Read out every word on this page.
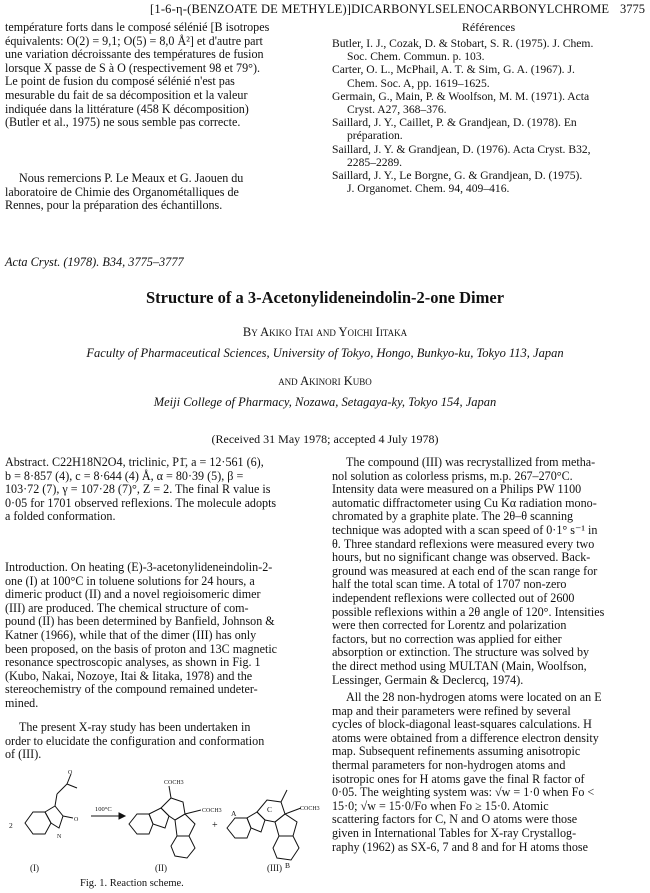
[1-6-η-(BENZOATE DE METHYLE)]DICARBONYLSELENOCARBONYLCHROME 3775
température forts dans le composé sélénié [B isotropes
équivalents: O(2) = 9,1; O(5) = 8,0 Å²] et d'autre part
une variation décroissante des températures de fusion
lorsque X passe de S à O (respectivement 98 et 79°).
Le point de fusion du composé sélénié n'est pas
mesurable du fait de sa décomposition et la valeur
indiquée dans la littérature (458 K décomposition)
(Butler et al., 1975) ne sous semble pas correcte.
Nous remercions P. Le Meaux et G. Jaouen du
laboratoire de Chimie des Organométalliques de
Rennes, pour la préparation des échantillons.
Références
Butler, I. J., Cozak, D. & Stobart, S. R. (1975). J. Chem.
Soc. Chem. Commun. p. 103.
Carter, O. L., McPhail, A. T. & Sim, G. A. (1967). J.
Chem. Soc. A, pp. 1619–1625.
Germain, G., Main, P. & Woolfson, M. M. (1971). Acta
Cryst. A27, 368–376.
Saillard, J. Y., Caillet, P. & Grandjean, D. (1978). En
préparation.
Saillard, J. Y. & Grandjean, D. (1976). Acta Cryst. B32,
2285–2289.
Saillard, J. Y., Le Borgne, G. & Grandjean, D. (1975).
J. Organomet. Chem. 94, 409–416.
Acta Cryst. (1978). B34, 3775–3777
Structure of a 3-Acetonylideneindolin-2-one Dimer
By Akiko Itai and Yoichi Iitaka
Faculty of Pharmaceutical Sciences, University of Tokyo, Hongo, Bunkyo-ku, Tokyo 113, Japan
and Akinori Kubo
Meiji College of Pharmacy, Nozawa, Setagaya-ky, Tokyo 154, Japan
(Received 31 May 1978; accepted 4 July 1978)
Abstract. C22H18N2O4, triclinic, P1̄, a = 12·561 (6),
b = 8·857 (4), c = 8·644 (4) Å, α = 80·39 (5), β =
103·72 (7), γ = 107·28 (7)°, Z = 2. The final R value is
0·05 for 1701 observed reflexions. The molecule adopts
a folded conformation.
Introduction. On heating (E)-3-acetonylideneindolin-2-
one (I) at 100°C in toluene solutions for 24 hours, a
dimeric product (II) and a novel regioisomeric dimer
(III) are produced. The chemical structure of com-
pound (II) has been determined by Banfield, Johnson &
Katner (1966), while that of the dimer (III) has only
been proposed, on the basis of proton and 13C magnetic
resonance spectroscopic analyses, as shown in Fig. 1
(Kubo, Nakai, Nozoye, Itai & Iitaka, 1978) and the
stereochemistry of the compound remained undeter-
mined.
The present X-ray study has been undertaken in
order to elucidate the configuration and conformation
of (III).
2
(I)
100°C
(II)
+
(III)
A
B
C
COCH3
COCH3	COCH3
O
O
N
Fig. 1. Reaction scheme.
The compound (III) was recrystallized from metha-
nol solution as colorless prisms, m.p. 267–270°C.
Intensity data were measured on a Philips PW 1100
automatic diffractometer using Cu Kα radiation mono-
chromated by a graphite plate. The 2θ–θ scanning
technique was adopted with a scan speed of 0·1° s⁻¹ in
θ. Three standard reflexions were measured every two
hours, but no significant change was observed. Back-
ground was measured at each end of the scan range for
half the total scan time. A total of 1707 non-zero
independent reflexions were collected out of 2600
possible reflexions within a 2θ angle of 120°. Intensities
were then corrected for Lorentz and polarization
factors, but no correction was applied for either
absorption or extinction. The structure was solved by
the direct method using MULTAN (Main, Woolfson,
Lessinger, Germain & Declercq, 1974).
All the 28 non-hydrogen atoms were located on an E
map and their parameters were refined by several
cycles of block-diagonal least-squares calculations. H
atoms were obtained from a difference electron density
map. Subsequent refinements assuming anisotropic
thermal parameters for non-hydrogen atoms and
isotropic ones for H atoms gave the final R factor of
0·05. The weighting system was: √w = 1·0 when Fo <
15·0; √w = 15·0/Fo when Fo ≥ 15·0. Atomic
scattering factors for C, N and O atoms were those
given in International Tables for X-ray Crystallog-
raphy (1962) as SX-6, 7 and 8 and for H atoms those
